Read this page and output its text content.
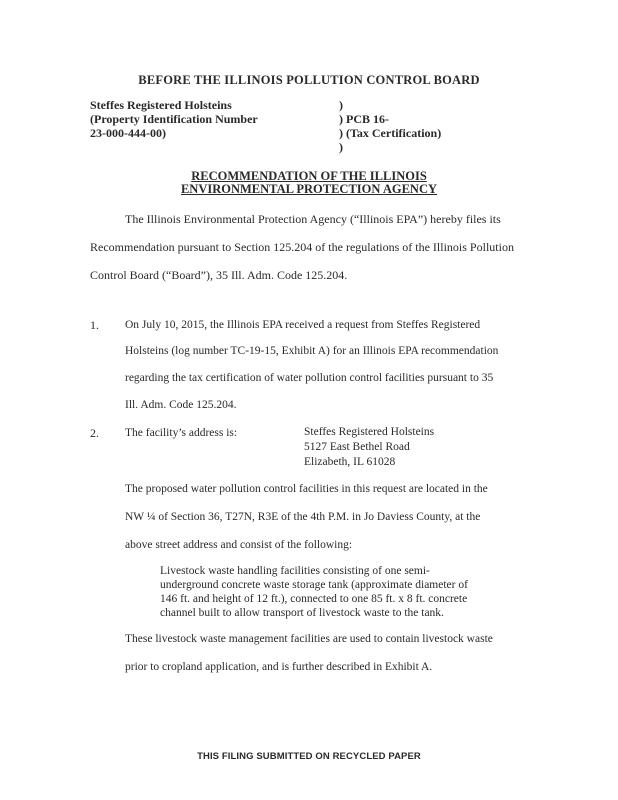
BEFORE THE ILLINOIS POLLUTION CONTROL BOARD
Steffes Registered Holsteins
(Property Identification Number
23-000-444-00)
)
) PCB 16-
) (Tax Certification)
)
RECOMMENDATION OF THE ILLINOIS
ENVIRONMENTAL PROTECTION AGENCY
The Illinois Environmental Protection Agency (“Illinois EPA”) hereby files its
Recommendation pursuant to Section 125.204 of the regulations of the Illinois Pollution
Control Board (“Board”), 35 Ill. Adm. Code 125.204.
1. On July 10, 2015, the Illinois EPA received a request from Steffes Registered
Holsteins (log number TC-19-15, Exhibit A) for an Illinois EPA recommendation
regarding the tax certification of water pollution control facilities pursuant to 35
Ill. Adm. Code 125.204.
2. The facility’s address is:	Steffes Registered Holsteins
5127 East Bethel Road
Elizabeth, IL 61028
The proposed water pollution control facilities in this request are located in the
NW ¼ of Section 36, T27N, R3E of the 4th P.M. in Jo Daviess County, at the
above street address and consist of the following:
Livestock waste handling facilities consisting of one semi-
underground concrete waste storage tank (approximate diameter of
146 ft. and height of 12 ft.), connected to one 85 ft. x 8 ft. concrete
channel built to allow transport of livestock waste to the tank.
These livestock waste management facilities are used to contain livestock waste
prior to cropland application, and is further described in Exhibit A.
THIS FILING SUBMITTED ON RECYCLED PAPER
